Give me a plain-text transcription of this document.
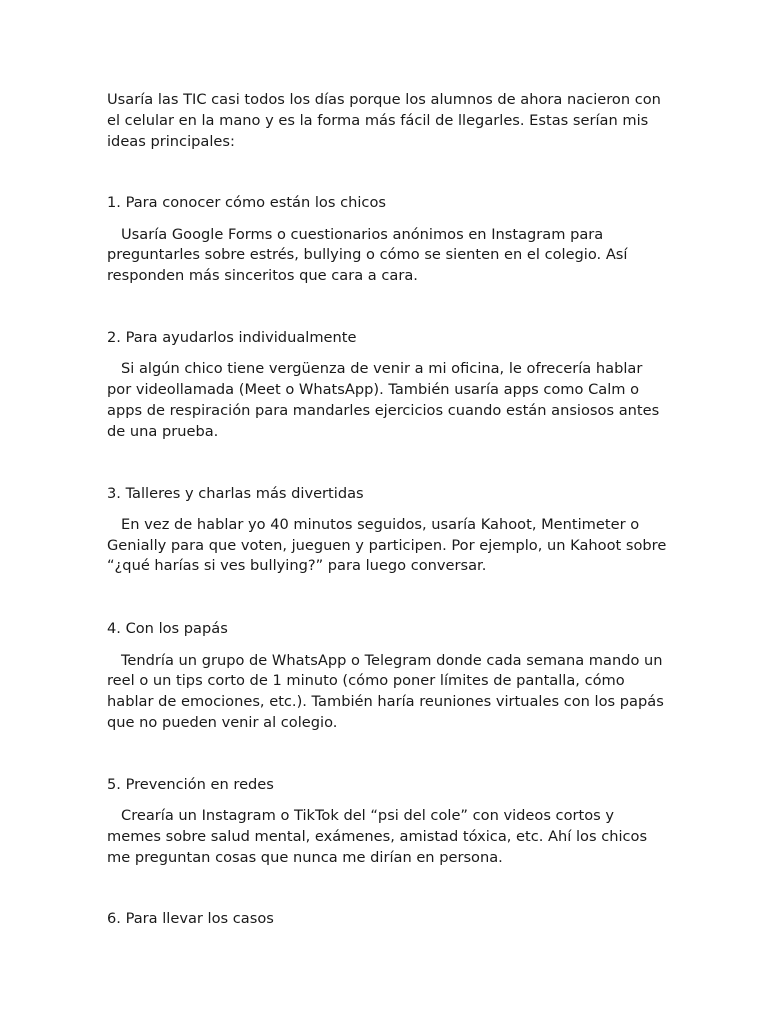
Usaría las TIC casi todos los días porque los alumnos de ahora nacieron con el celular en la mano y es la forma más fácil de llegarles. Estas serían mis ideas principales:

1. Para conocer cómo están los chicos

Usaría Google Forms o cuestionarios anónimos en Instagram para preguntarles sobre estrés, bullying o cómo se sienten en el colegio. Así responden más sinceritos que cara a cara.

2. Para ayudarlos individualmente

Si algún chico tiene vergüenza de venir a mi oficina, le ofrecería hablar por videollamada (Meet o WhatsApp). También usaría apps como Calm o apps de respiración para mandarles ejercicios cuando están ansiosos antes de una prueba.

3. Talleres y charlas más divertidas

En vez de hablar yo 40 minutos seguidos, usaría Kahoot, Mentimeter o Genially para que voten, jueguen y participen. Por ejemplo, un Kahoot sobre “¿qué harías si ves bullying?” para luego conversar.

4. Con los papás

Tendría un grupo de WhatsApp o Telegram donde cada semana mando un reel o un tips corto de 1 minuto (cómo poner límites de pantalla, cómo hablar de emociones, etc.). También haría reuniones virtuales con los papás que no pueden venir al colegio.

5. Prevención en redes

Crearía un Instagram o TikTok del “psi del cole” con videos cortos y memes sobre salud mental, exámenes, amistad tóxica, etc. Ahí los chicos me preguntan cosas que nunca me dirían en persona.

6. Para llevar los casos
